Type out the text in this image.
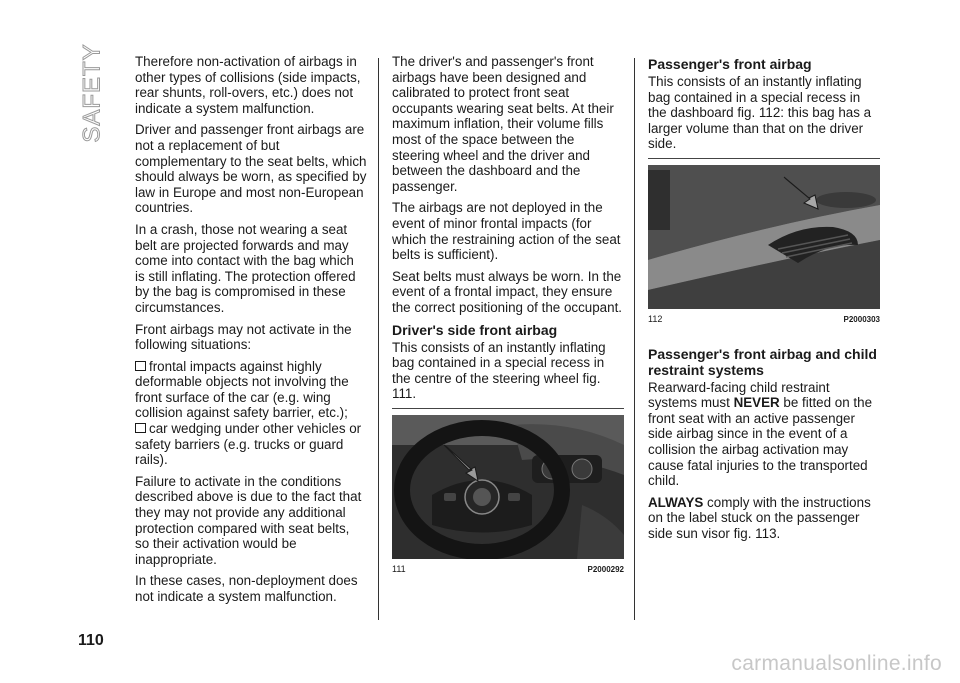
SAFETY Therefore non-activation of airbags in other types of collisions (side impacts, rear shunts, roll-overs, etc.) does not indicate a system malfunction.

Driver and passenger front airbags are not a replacement of but complementary to the seat belts, which should always be worn, as specified by law in Europe and most non-European countries.

In a crash, those not wearing a seat belt are projected forwards and may come into contact with the bag which is still inflating. The protection offered by the bag is compromised in these circumstances.

Front airbags may not activate in the following situations:

frontal impacts against highly deformable objects not involving the front surface of the car (e.g. wing collision against safety barrier, etc.);

car wedging under other vehicles or safety barriers (e.g. trucks or guard rails).

Failure to activate in the conditions described above is due to the fact that they may not provide any additional protection compared with seat belts, so their activation would be inappropriate.

In these cases, non-deployment does not indicate a system malfunction.

The driver's and passenger's front airbags have been designed and calibrated to protect front seat occupants wearing seat belts. At their maximum inflation, their volume fills most of the space between the steering wheel and the driver and between the dashboard and the passenger.

The airbags are not deployed in the event of minor frontal impacts (for which the restraining action of the seat belts is sufficient).

Seat belts must always be worn. In the event of a frontal impact, they ensure the correct positioning of the occupant.

Driver's side front airbag

This consists of an instantly inflating bag contained in a special recess in the centre of the steering wheel fig. 111.

111	P2000292
Passenger's front airbag

This consists of an instantly inflating bag contained in a special recess in the dashboard fig. 112: this bag has a larger volume than that on the driver side.

112	P2000303
Passenger's front airbag and child restraint systems

Rearward-facing child restraint systems must NEVER be fitted on the front seat with an active passenger side airbag since in the event of a collision the airbag activation may cause fatal injuries to the transported child.

ALWAYS comply with the instructions on the label stuck on the passenger side sun visor fig. 113.

110
carmanualsonline.info
